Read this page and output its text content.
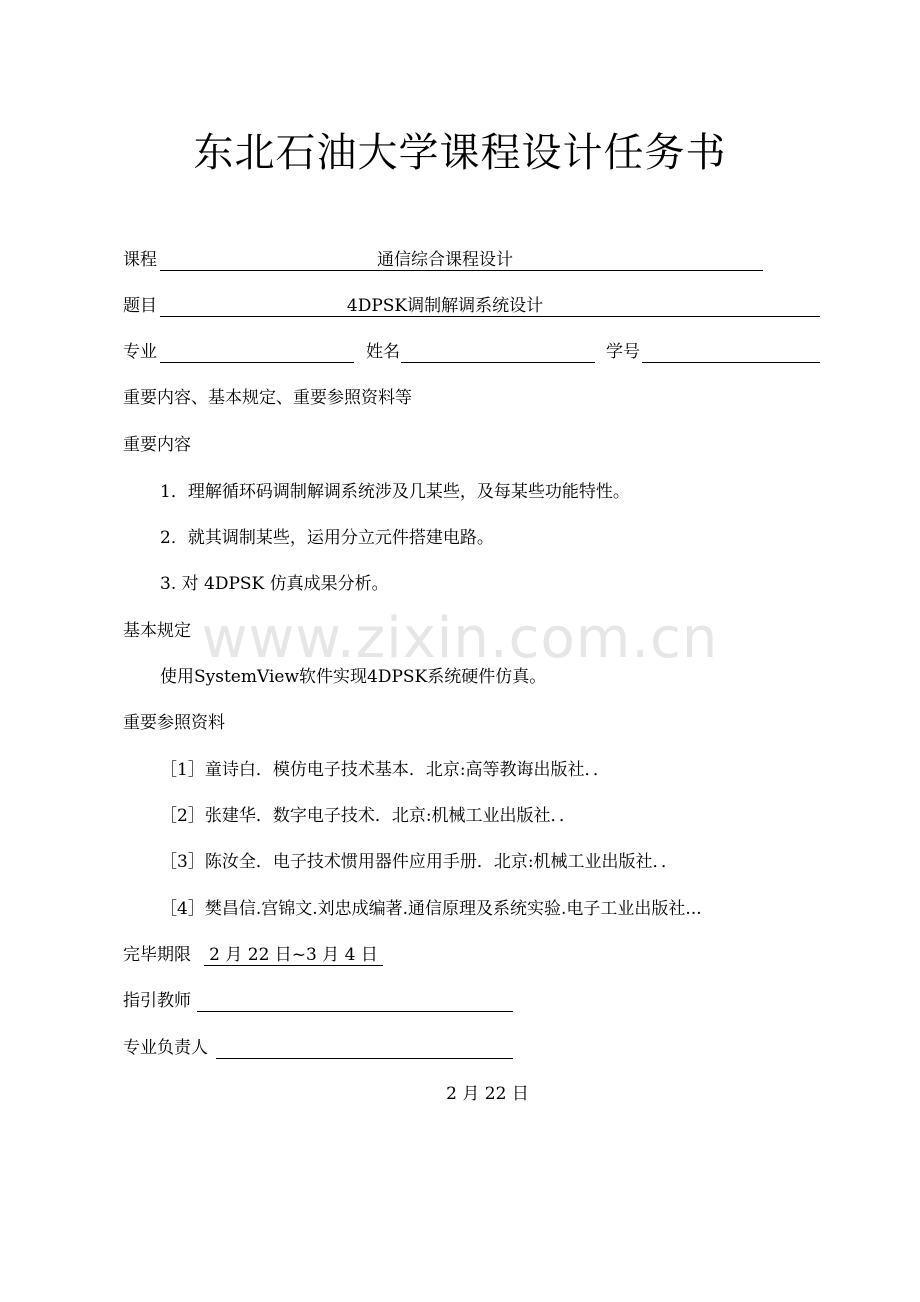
www.zixin.com.cn
东北石油大学课程设计任务书
课程	通信综合课程设计
题目	4DPSK调制解调系统设计
专业	姓名	学号
重要内容、基本规定、重要参照资料等
重要内容
1．理解循环码调制解调系统涉及几某些，及每某些功能特性。
2．就其调制某些，运用分立元件搭建电路。
3. 对 4DPSK 仿真成果分析。
基本规定
使用SystemView软件实现4DPSK系统硬件仿真。
重要参照资料
［1］童诗白．模仿电子技术基本．北京:高等教诲出版社．．
［2］张建华．数字电子技术．北京:机械工业出版社．．
［3］陈汝全．电子技术惯用器件应用手册．北京:机械工业出版社．．
［4］樊昌信.宫锦文.刘忠成编著.通信原理及系统实验.电子工业出版社...
完毕期限	2 月 22 日~3 月 4 日
指引教师
专业负责人
2 月 22 日
